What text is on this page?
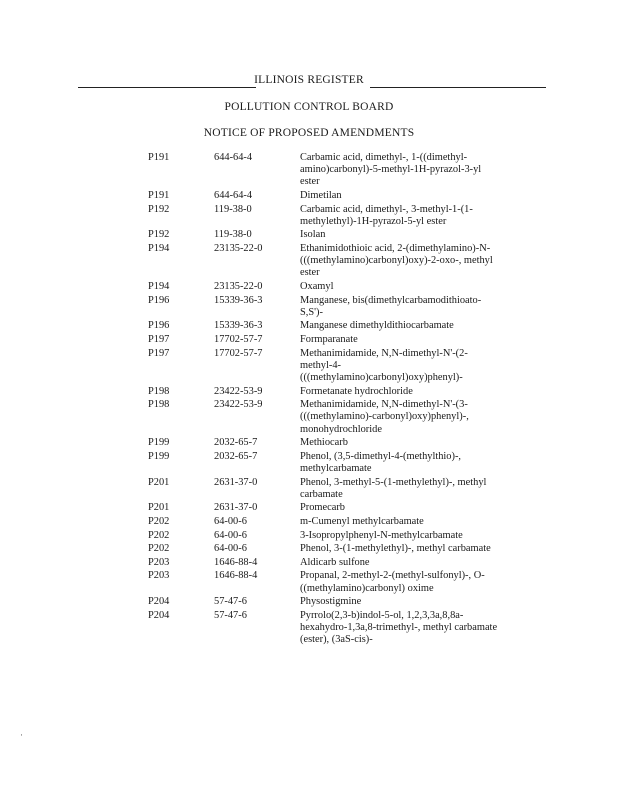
ILLINOIS REGISTER
POLLUTION CONTROL BOARD
NOTICE OF PROPOSED AMENDMENTS
P191	644-64-4	Carbamic acid, dimethyl-, 1-((dimethyl-amino)carbonyl)-5-methyl-1H-pyrazol-3-yl ester
P191	644-64-4	Dimetilan
P192	119-38-0	Carbamic acid, dimethyl-, 3-methyl-1-(1-methylethyl)-1H-pyrazol-5-yl ester
P192	119-38-0	Isolan
P194	23135-22-0	Ethanimidothioic acid, 2-(dimethylamino)-N-(((methylamino)carbonyl)oxy)-2-oxo-, methyl ester
P194	23135-22-0	Oxamyl
P196	15339-36-3	Manganese, bis(dimethylcarbamodithioato-S,S')-
P196	15339-36-3	Manganese dimethyldithiocarbamate
P197	17702-57-7	Formparanate
P197	17702-57-7	Methanimidamide, N,N-dimethyl-N'-(2-methyl-4-(((methylamino)carbonyl)oxy)phenyl)-
P198	23422-53-9	Formetanate hydrochloride
P198	23422-53-9	Methanimidamide, N,N-dimethyl-N'-(3-(((methylamino)-carbonyl)oxy)phenyl)-, monohydrochloride
P199	2032-65-7	Methiocarb
P199	2032-65-7	Phenol, (3,5-dimethyl-4-(methylthio)-, methylcarbamate
P201	2631-37-0	Phenol, 3-methyl-5-(1-methylethyl)-, methyl carbamate
P201	2631-37-0	Promecarb
P202	64-00-6	m-Cumenyl methylcarbamate
P202	64-00-6	3-Isopropylphenyl-N-methylcarbamate
P202	64-00-6	Phenol, 3-(1-methylethyl)-, methyl carbamate
P203	1646-88-4	Aldicarb sulfone
P203	1646-88-4	Propanal, 2-methyl-2-(methyl-sulfonyl)-, O-((methylamino)carbonyl) oxime
P204	57-47-6	Physostigmine
P204	57-47-6	Pyrrolo(2,3-b)indol-5-ol, 1,2,3,3a,8,8a-hexahydro-1,3a,8-trimethyl-, methyl carbamate (ester), (3aS-cis)-
·
